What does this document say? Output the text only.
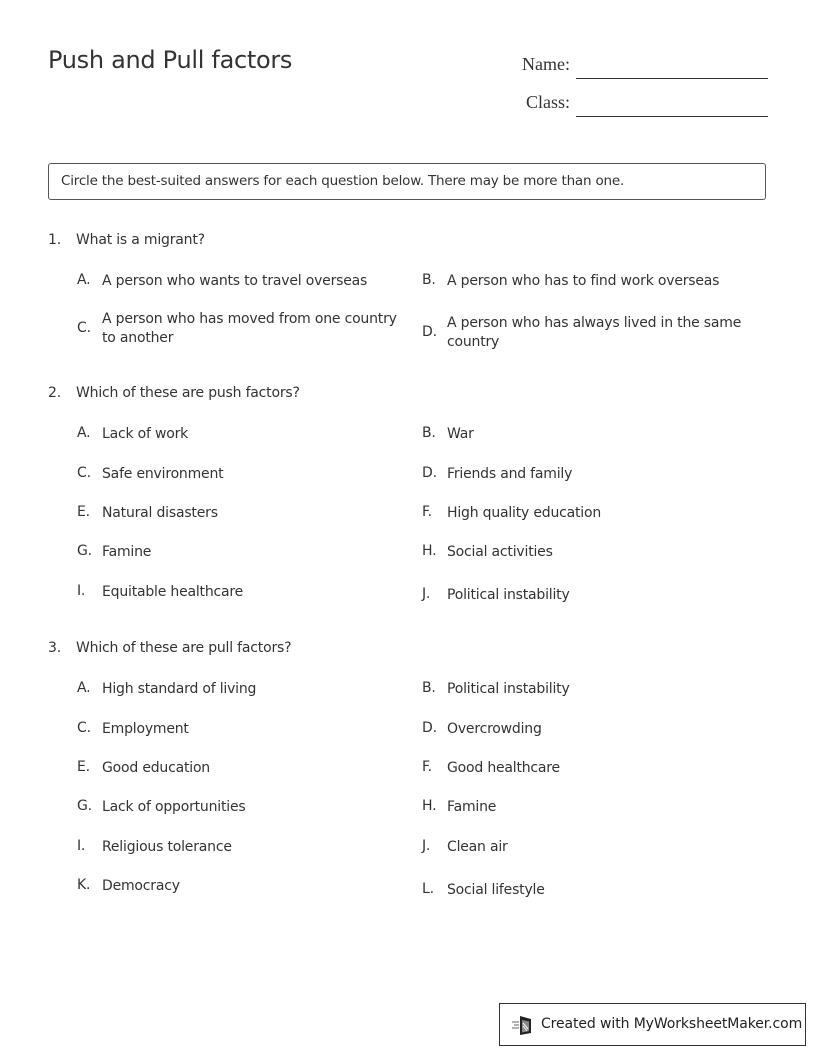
Push and Pull factors	Name:
Class:
Circle the best-suited answers for each question below. There may be more than one.
1.	What is a migrant?
A. A person who wants to travel overseas	B. A person who has to find work overseas
C.
A person who has moved from one country to another	D.
A person who has always lived in the same country
2.	Which of these are push factors?
A. Lack of work	B. War
C. Safe environment	D. Friends and family
E. Natural disasters	F.	High quality education
G. Famine	H. Social activities
I.	Equitable healthcare	J.	Political instability
3.	Which of these are pull factors?
A. High standard of living	B. Political instability
C. Employment	D. Overcrowding
E. Good education	F.	Good healthcare
G. Lack of opportunities	H. Famine
I.	Religious tolerance	J.	Clean air
K. Democracy	L. Social lifestyle
Created with MyWorksheetMaker.com
